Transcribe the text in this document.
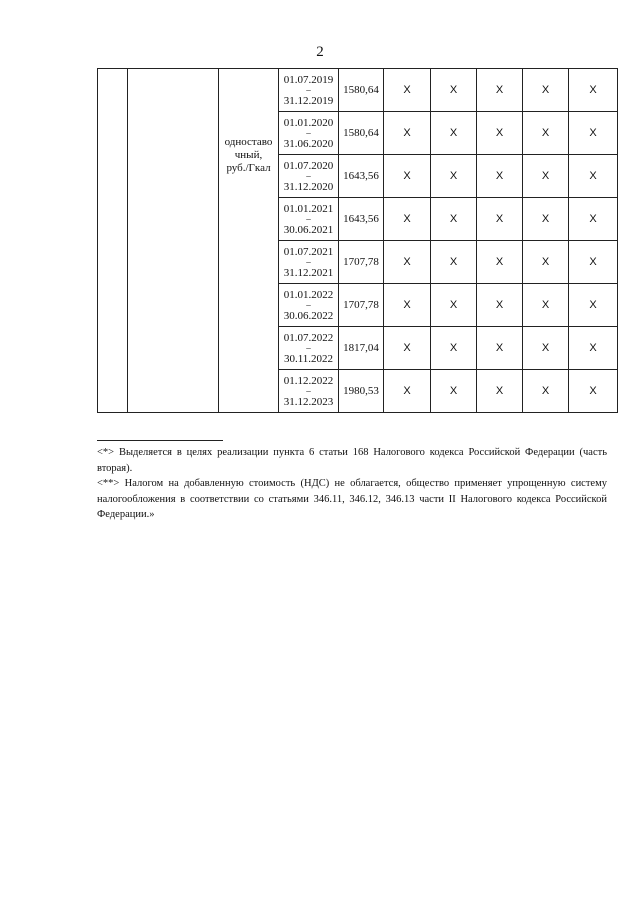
2

		одноставо
чный,
руб./Гкал	01.07.2019
–
31.12.2019	1580,64	X	X	X	X	X

			01.01.2020
–
31.06.2020	1580,64	X	X	X	X	X

			01.07.2020
–
31.12.2020	1643,56	X	X	X	X	X

			01.01.2021
–
30.06.2021	1643,56	X	X	X	X	X

			01.07.2021
–
31.12.2021	1707,78	X	X	X	X	X

			01.01.2022
–
30.06.2022	1707,78	X	X	X	X	X

			01.07.2022
–
30.11.2022	1817,04	X	X	X	X	X

			01.12.2022
–
31.12.2023	1980,53	X	X	X	X	X

<*> Выделяется в целях реализации пункта 6 статьи 168 Налогового кодекса Российской Федерации (часть вторая).

<**> Налогом на добавленную стоимость (НДС) не облагается, общество применяет упрощенную систему налогообложения в соответствии со статьями 346.11, 346.12, 346.13 части II Налогового кодекса Российской Федерации.»
